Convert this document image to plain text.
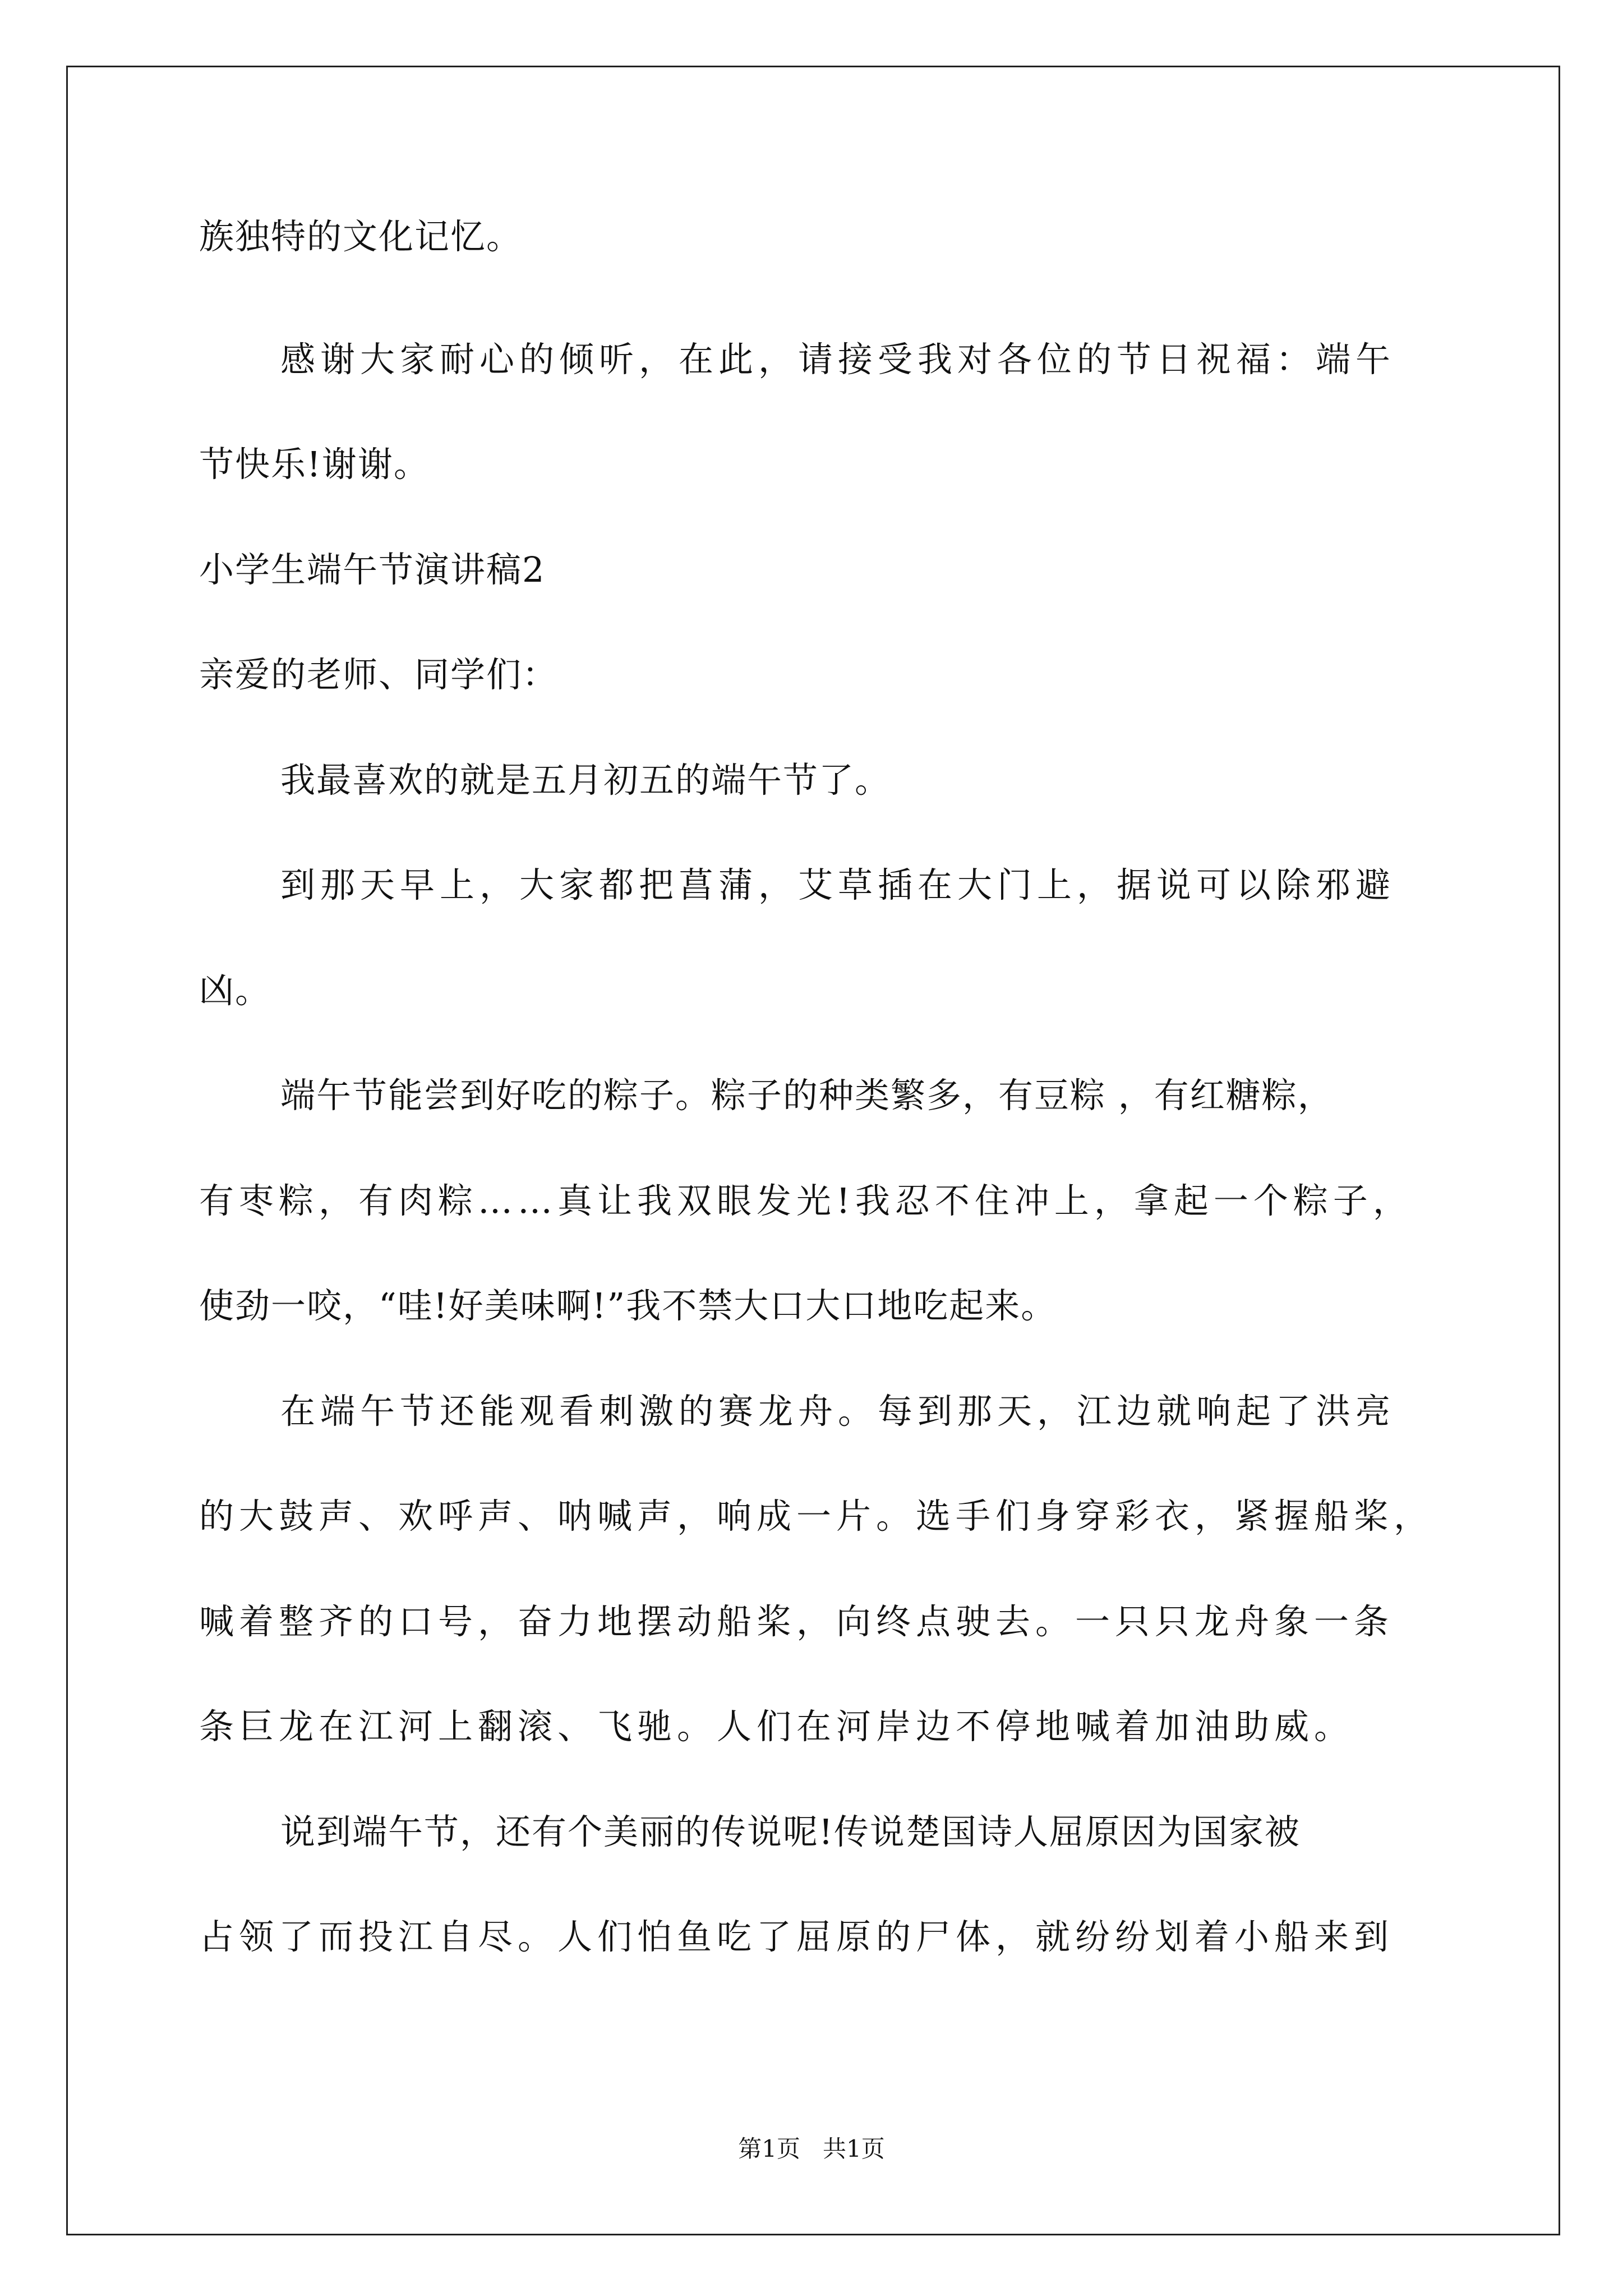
族独特的文化记忆。
感谢大家耐心的倾听，在此，请接受我对各位的节日祝福：端午
节快乐!谢谢。
小学生端午节演讲稿2
亲爱的老师、同学们：
我最喜欢的就是五月初五的端午节了。
到那天早上，大家都把菖蒲，艾草插在大门上，据说可以除邪避
凶。
端午节能尝到好吃的粽子。粽子的种类繁多，有豆粽 ，有红糖粽，
有枣粽，有肉粽……真让我双眼发光!我忍不住冲上，拿起一个粽子，
使劲一咬，“哇!好美味啊!”我不禁大口大口地吃起来。
在端午节还能观看刺激的赛龙舟。每到那天，江边就响起了洪亮
的大鼓声、欢呼声、呐喊声，响成一片。选手们身穿彩衣，紧握船桨，
喊着整齐的口号，奋力地摆动船桨，向终点驶去。一只只龙舟象一条
条巨龙在江河上翻滚、飞驰。人们在河岸边不停地喊着加油助威。
说到端午节，还有个美丽的传说呢!传说楚国诗人屈原因为国家被
占领了而投江自尽。人们怕鱼吃了屈原的尸体，就纷纷划着小船来到
第1页   共1页
